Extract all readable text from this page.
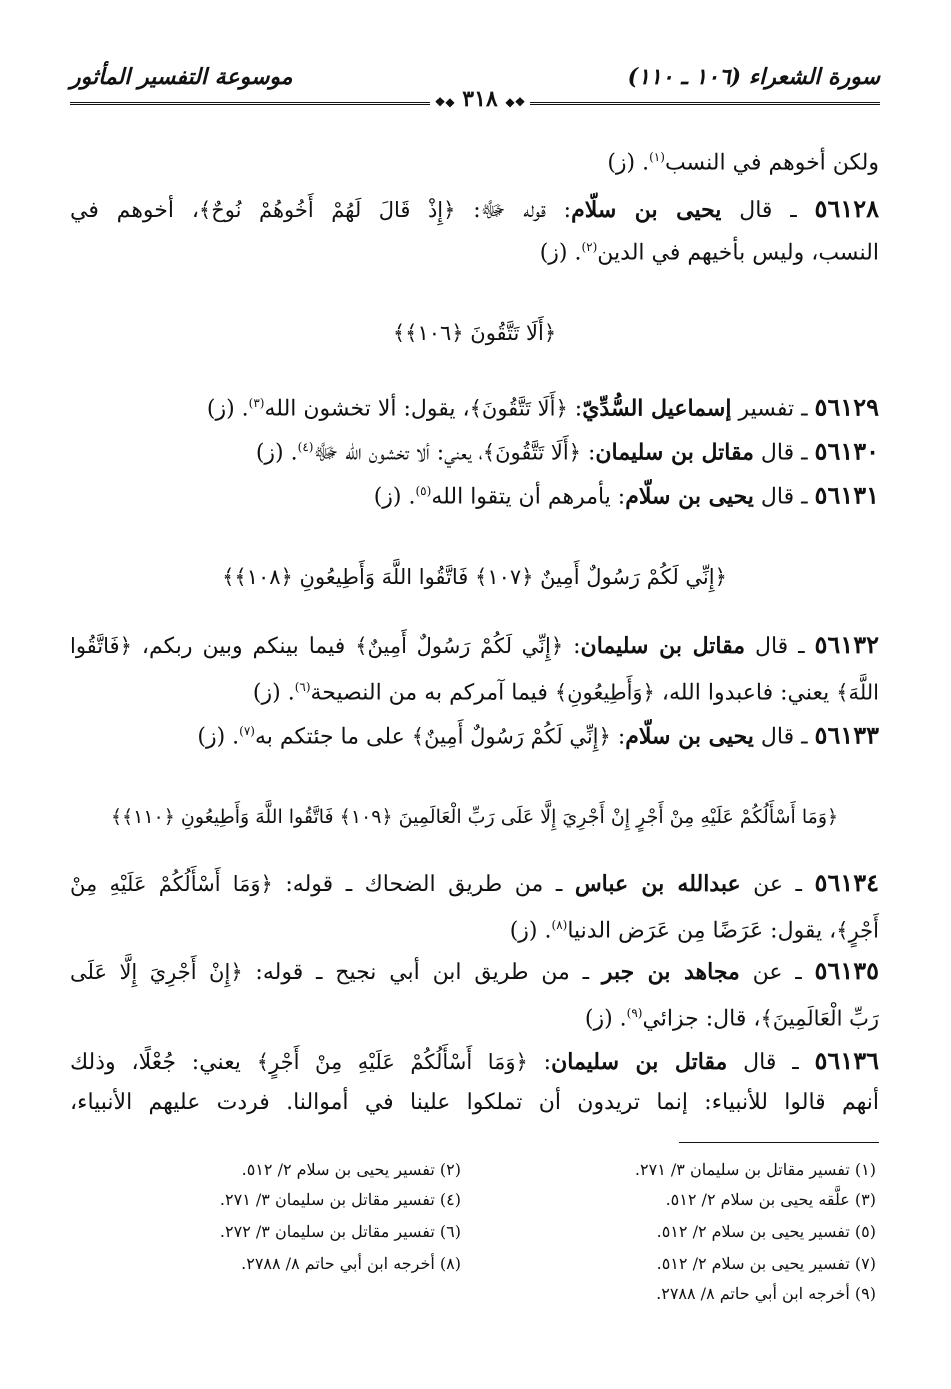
سورة الشعراء (١٠٦ ـ ١١٠)
موسوعة التفسير المأثور
❖◆ ٣١٨ ◆❖
ولكن أخوهم في النسب$^{(١)}$. (ز)
٥٦١٢٨ ـ قال يحيى بن سلّام: قوله ﷻ: ﴿إِذْ قَالَ لَهُمْ أَخُوهُمْ نُوحٌ﴾، أخوهم في
النسب، وليس بأخيهم في الدين$^{(٢)}$. (ز)
﴿أَلَا تَتَّقُونَ ﴿١٠٦﴾﴾
٥٦١٢٩ ـ تفسير إسماعيل السُّدِّيّ: ﴿أَلَا تَتَّقُونَ﴾، يقول: ألا تخشون الله$^{(٣)}$. (ز)
٥٦١٣٠ ـ قال مقاتل بن سليمان: ﴿أَلَا تَتَّقُونَ﴾، يعني: ألا تخشون الله ﷻ$^{(٤)}$. (ز)
٥٦١٣١ ـ قال يحيى بن سلّام: يأمرهم أن يتقوا الله$^{(٥)}$. (ز)
﴿إِنِّي لَكُمْ رَسُولٌ أَمِينٌ ﴿١٠٧﴾ فَاتَّقُوا اللَّهَ وَأَطِيعُونِ ﴿١٠٨﴾﴾
٥٦١٣٢ ـ قال مقاتل بن سليمان: ﴿إِنِّي لَكُمْ رَسُولٌ أَمِينٌ﴾ فيما بينكم وبين ربكم، ﴿فَاتَّقُوا
اللَّهَ﴾ يعني: فاعبدوا الله، ﴿وَأَطِيعُونِ﴾ فيما آمركم به من النصيحة$^{(٦)}$. (ز)
٥٦١٣٣ ـ قال يحيى بن سلّام: ﴿إِنِّي لَكُمْ رَسُولٌ أَمِينٌ﴾ على ما جئتكم به$^{(٧)}$. (ز)
﴿وَمَا أَسْأَلُكُمْ عَلَيْهِ مِنْ أَجْرٍ إِنْ أَجْرِيَ إِلَّا عَلَى رَبِّ الْعَالَمِينَ ﴿١٠٩﴾ فَاتَّقُوا اللَّهَ وَأَطِيعُونِ ﴿١١٠﴾﴾
٥٦١٣٤ ـ عن عبدالله بن عباس ـ من طريق الضحاك ـ قوله: ﴿وَمَا أَسْأَلُكُمْ عَلَيْهِ مِنْ
أَجْرٍ﴾، يقول: عَرَضًا مِن عَرَض الدنيا$^{(٨)}$. (ز)
٥٦١٣٥ ـ عن مجاهد بن جبر ـ من طريق ابن أبي نجيح ـ قوله: ﴿إِنْ أَجْرِيَ إِلَّا عَلَى
رَبِّ الْعَالَمِينَ﴾، قال: جزائي$^{(٩)}$. (ز)
٥٦١٣٦ ـ قال مقاتل بن سليمان: ﴿وَمَا أَسْأَلُكُمْ عَلَيْهِ مِنْ أَجْرٍ﴾ يعني: جُعْلًا، وذلك
أنهم قالوا للأنبياء: إنما تريدون أن تملكوا علينا في أموالنا. فردت عليهم الأنبياء،
(١) تفسير مقاتل بن سليمان ٣/ ٢٧١.
(٢) تفسير يحيى بن سلام ٢/ ٥١٢.
(٣) علَّقه يحيى بن سلام ٢/ ٥١٢.
(٤) تفسير مقاتل بن سليمان ٣/ ٢٧١.
(٥) تفسير يحيى بن سلام ٢/ ٥١٢.
(٦) تفسير مقاتل بن سليمان ٣/ ٢٧٢.
(٧) تفسير يحيى بن سلام ٢/ ٥١٢.
(٨) أخرجه ابن أبي حاتم ٨/ ٢٧٨٨.
(٩) أخرجه ابن أبي حاتم ٨/ ٢٧٨٨.
